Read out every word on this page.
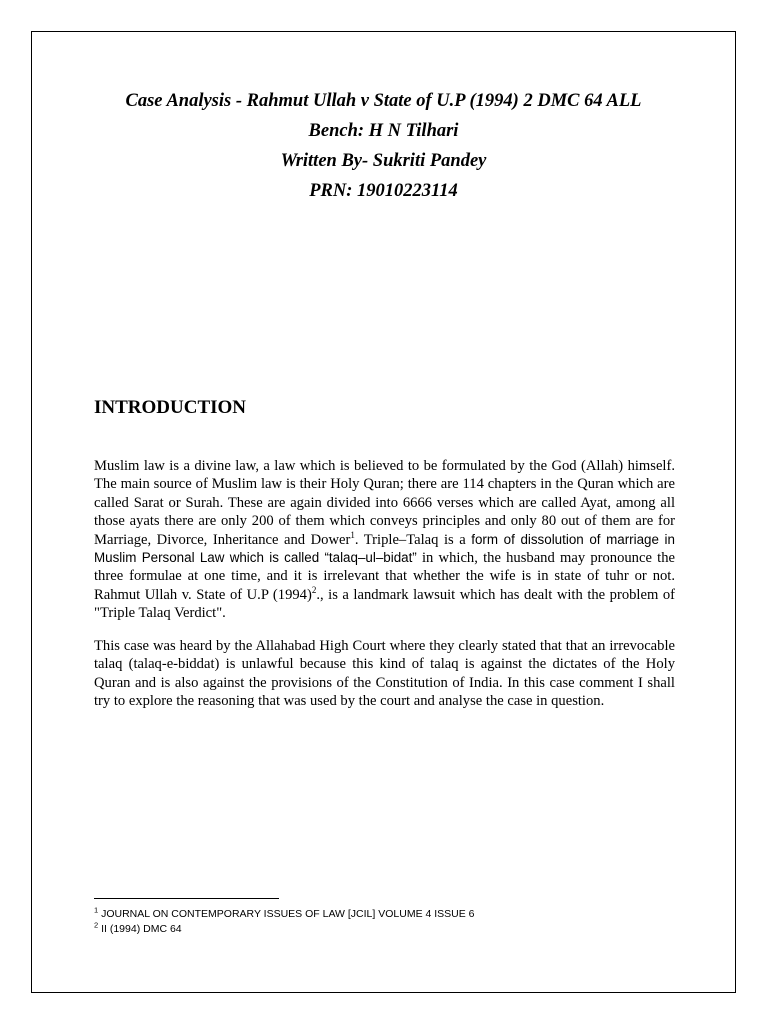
Case Analysis - Rahmut Ullah v State of U.P (1994) 2 DMC 64 ALL

Bench: H N Tilhari

Written By- Sukriti Pandey

PRN: 19010223114

INTRODUCTION

Muslim law is a divine law, a law which is believed to be formulated by the God (Allah) himself. The main source of Muslim law is their Holy Quran; there are 114 chapters in the Quran which are called Sarat or Surah. These are again divided into 6666 verses which are called Ayat, among all those ayats there are only 200 of them which conveys principles and only 80 out of them are for Marriage, Divorce, Inheritance and Dower$^1$. Triple–Talaq is a form of dissolution of marriage in Muslim Personal Law which is called “talaq–ul–bidat” in which, the husband may pronounce the three formulae at one time, and it is irrelevant that whether the wife is in state of tuhr or not. Rahmut Ullah v. State of U.P $(1994)^2$., is a landmark lawsuit which has dealt with the problem of "Triple Talaq Verdict".

This case was heard by the Allahabad High Court where they clearly stated that that an irrevocable talaq (talaq-e-biddat) is unlawful because this kind of talaq is against the dictates of the Holy Quran and is also against the provisions of the Constitution of India. In this case comment I shall try to explore the reasoning that was used by the court and analyse the case in question.

$^1$ JOURNAL ON CONTEMPORARY ISSUES OF LAW [JCIL] VOLUME 4 ISSUE 6

$^2$ II (1994) DMC 64
